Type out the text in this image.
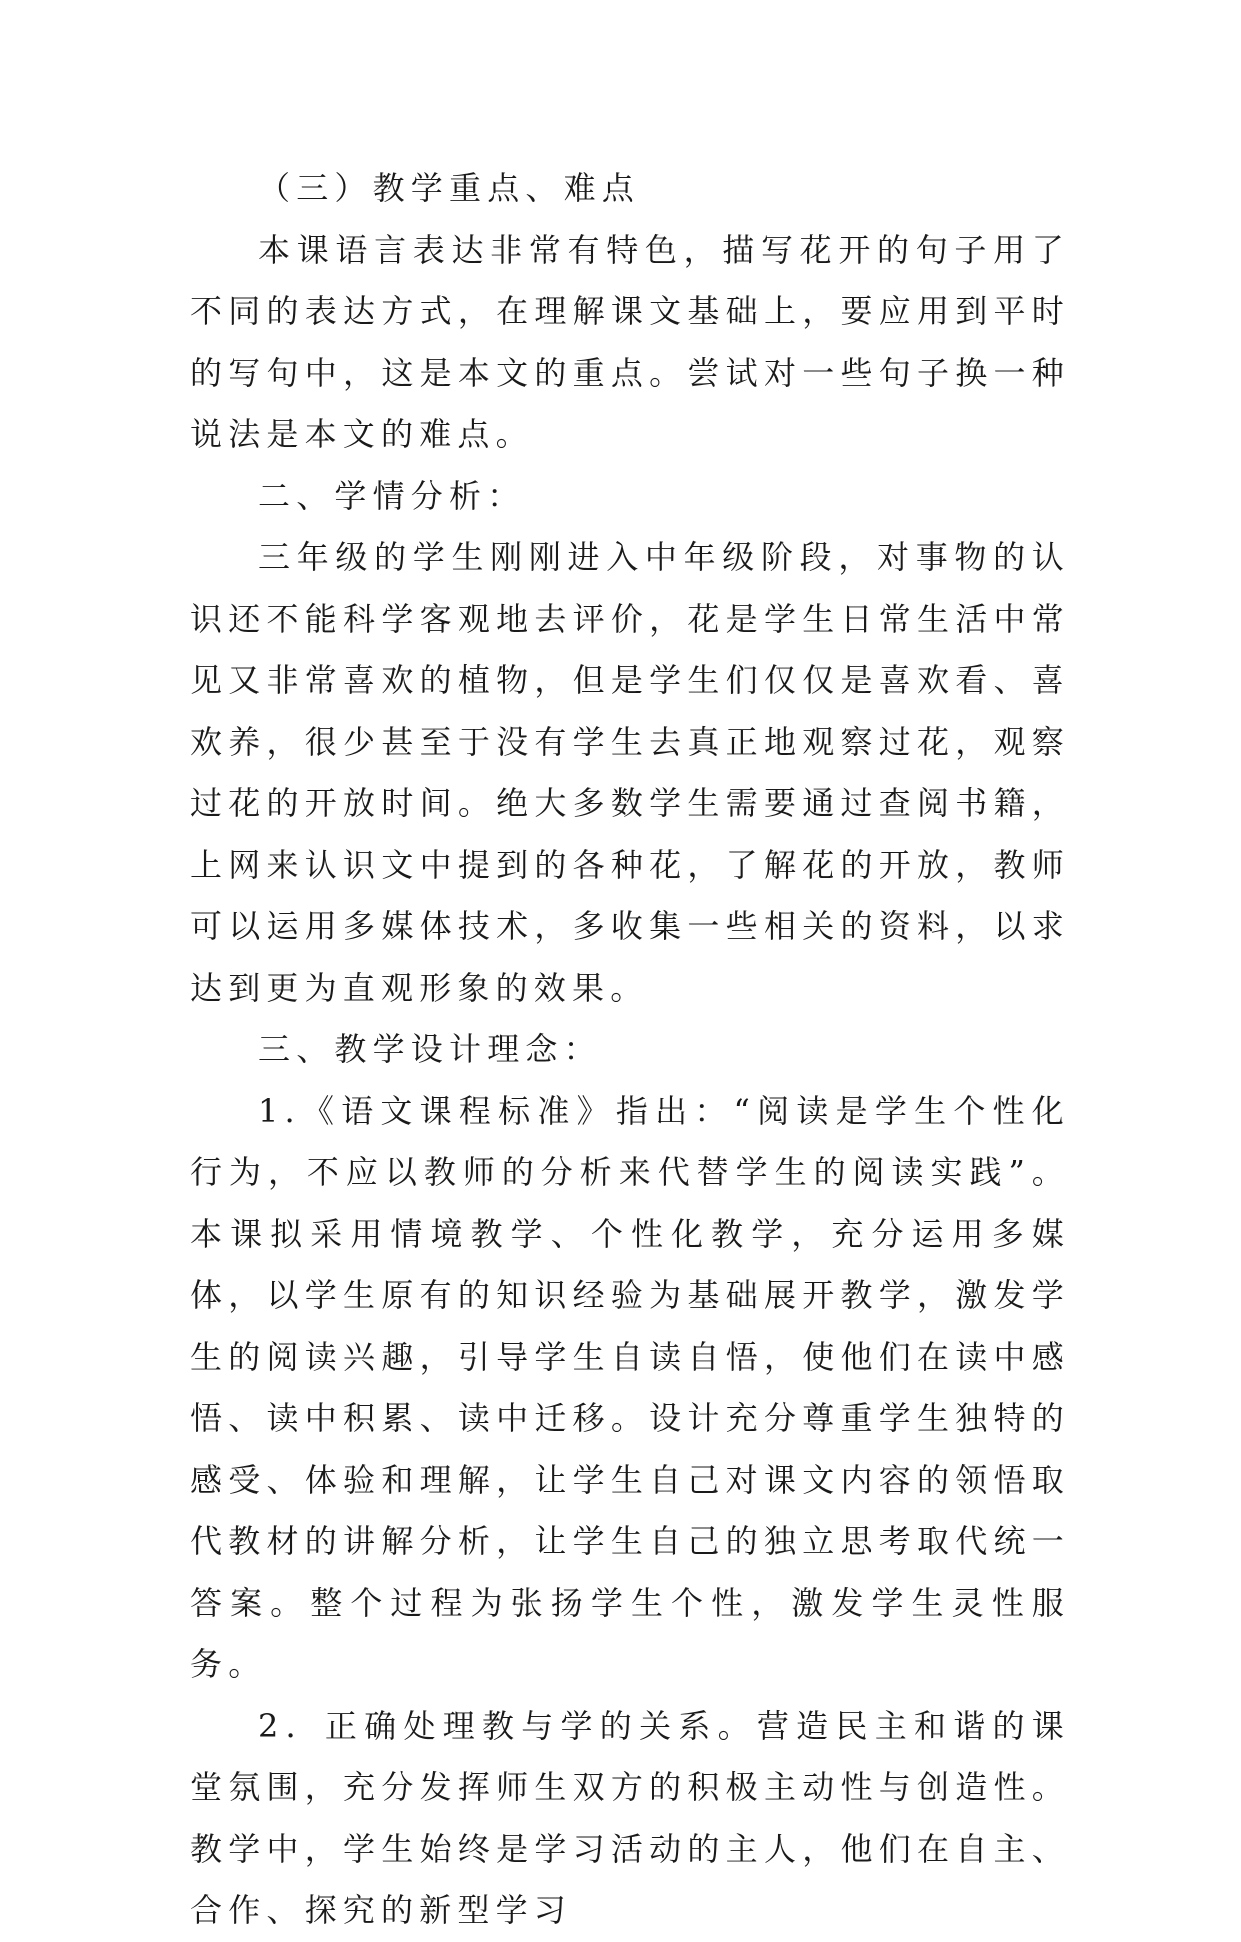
（三）教学重点、难点

本课语言表达非常有特色，描写花开的句子用了不同的表达方式，在理解课文基础上，要应用到平时的写句中，这是本文的重点。尝试对一些句子换一种说法是本文的难点。

二、学情分析：

三年级的学生刚刚进入中年级阶段，对事物的认识还不能科学客观地去评价，花是学生日常生活中常见又非常喜欢的植物，但是学生们仅仅是喜欢看、喜欢养，很少甚至于没有学生去真正地观察过花，观察过花的开放时间。绝大多数学生需要通过查阅书籍，上网来认识文中提到的各种花，了解花的开放，教师可以运用多媒体技术，多收集一些相关的资料，以求达到更为直观形象的效果。

三、教学设计理念：

1.《语文课程标准》指出：“阅读是学生个性化行为，不应以教师的分析来代替学生的阅读实践”。本课拟采用情境教学、个性化教学，充分运用多媒体，以学生原有的知识经验为基础展开教学，激发学生的阅读兴趣，引导学生自读自悟，使他们在读中感悟、读中积累、读中迁移。设计充分尊重学生独特的感受、体验和理解，让学生自己对课文内容的领悟取代教材的讲解分析，让学生自己的独立思考取代统一答案。整个过程为张扬学生个性，激发学生灵性服务。

2．正确处理教与学的关系。营造民主和谐的课堂氛围，充分发挥师生双方的积极主动性与创造性。教学中，学生始终是学习活动的主人，他们在自主、合作、探究的新型学习
